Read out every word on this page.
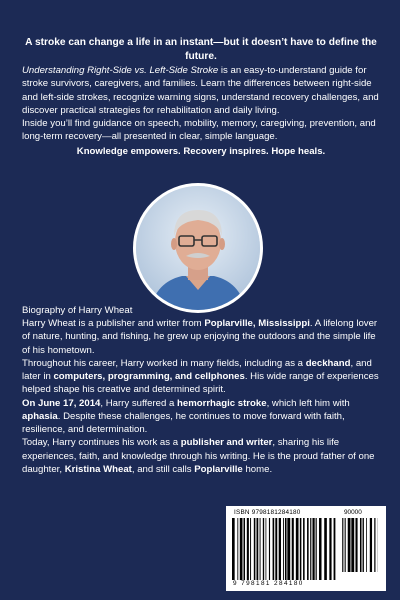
A stroke can change a life in an instant—but it doesn’t have to define the future.

Understanding Right-Side vs. Left-Side Stroke is an easy-to-understand guide for stroke survivors, caregivers, and families. Learn the differences between right-side and left-side strokes, recognize warning signs, understand recovery challenges, and discover practical strategies for rehabilitation and daily living.

Inside you’ll find guidance on speech, mobility, memory, caregiving, prevention, and long-term recovery—all presented in clear, simple language.

Knowledge empowers. Recovery inspires. Hope heals.

Biography of Harry Wheat

Harry Wheat is a publisher and writer from Poplarville, Mississippi. A lifelong lover of nature, hunting, and fishing, he grew up enjoying the outdoors and the simple life of his hometown.

Throughout his career, Harry worked in many fields, including as a deckhand, and later in computers, programming, and cellphones. His wide range of experiences helped shape his creative and determined spirit.

On June 17, 2014, Harry suffered a hemorrhagic stroke, which left him with aphasia. Despite these challenges, he continues to move forward with faith, resilience, and determination.

Today, Harry continues his work as a publisher and writer, sharing his life experiences, faith, and knowledge through his writing. He is the proud father of one daughter, Kristina Wheat, and still calls Poplarville home.

ISBN 9798181284180	90000
9 798181 284180
